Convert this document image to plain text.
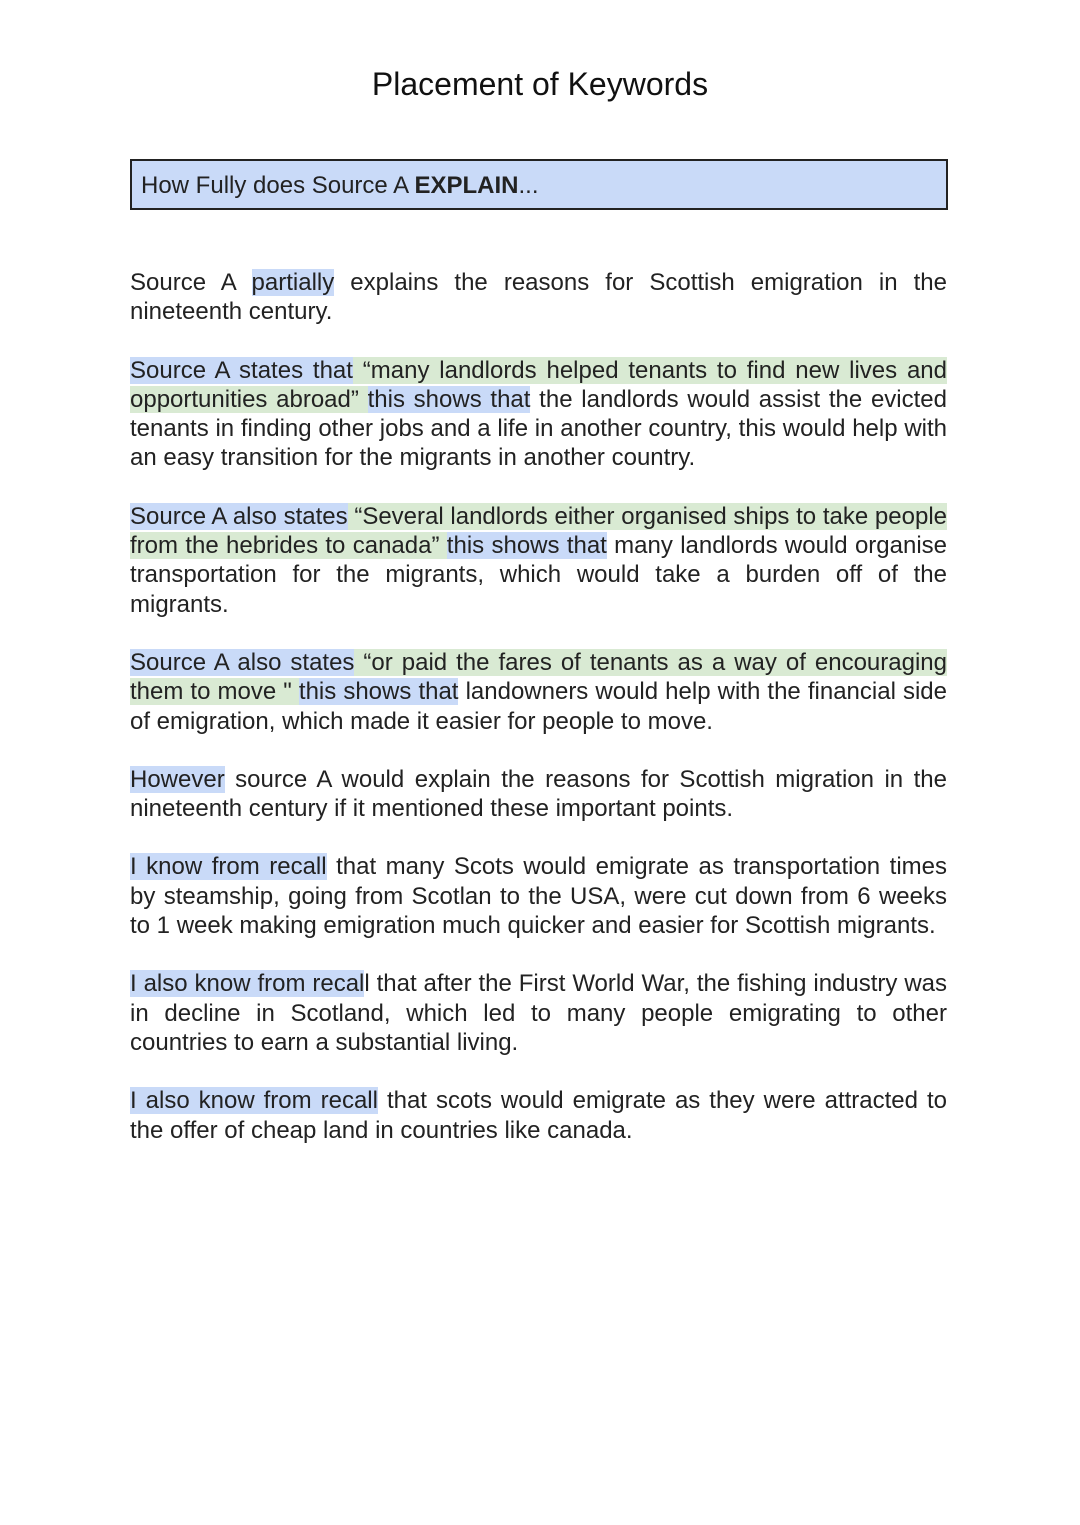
Placement of Keywords
How Fully does Source A EXPLAIN...

Source A partially explains the reasons for Scottish emigration in the nineteenth century.

Source A states that “many landlords helped tenants to find new lives and opportunities abroad” this shows that the landlords would assist the evicted tenants in finding other jobs and a life in another country, this would help with an easy transition for the migrants in another country.

Source A also states “Several landlords either organised ships to take people from the hebrides to canada” this shows that many landlords would organise transportation for the migrants, which would take a burden off of the migrants.

Source A also states “or paid the fares of tenants as a way of encouraging them to move " this shows that landowners would help with the financial side of emigration, which made it easier for people to move.

However source A would explain the reasons for Scottish migration in the nineteenth century if it mentioned these important points.

I know from recall that many Scots would emigrate as transportation times by steamship, going from Scotlan to the USA, were cut down from 6 weeks to 1 week making emigration much quicker and easier for Scottish migrants.

I also know from recall that after the First World War, the fishing industry was in decline in Scotland, which led to many people emigrating to other countries to earn a substantial living.

I also know from recall that scots would emigrate as they were attracted to the offer of cheap land in countries like canada.
